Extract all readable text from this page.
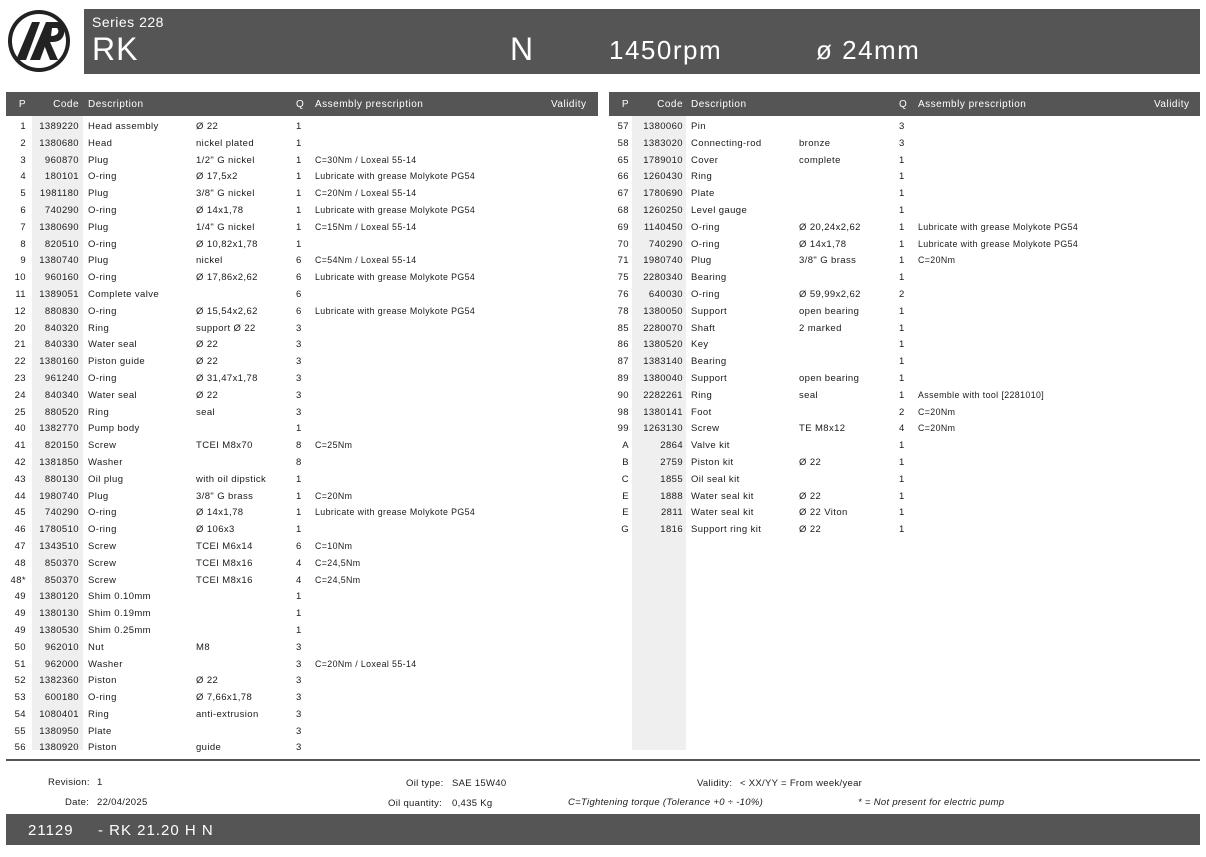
Series 228
RK	N	1450rpm	ø 24mm
P	Code Description	Q Assembly prescription	Validity
1 1389220 Head assembly	Ø 22	1
2 1380680 Head	nickel plated	1
3 960870 Plug	1/2" G nickel	1 C=30Nm / Loxeal 55-14
4 180101 O-ring	Ø 17,5x2	1 Lubricate with grease Molykote PG54
5 1981180 Plug	3/8" G nickel	1 C=20Nm / Loxeal 55-14
6 740290 O-ring	Ø 14x1,78	1 Lubricate with grease Molykote PG54
7 1380690 Plug	1/4" G nickel	1 C=15Nm / Loxeal 55-14
8 820510 O-ring	Ø 10,82x1,78	1
9 1380740 Plug	nickel	6 C=54Nm / Loxeal 55-14
10 960160 O-ring	Ø 17,86x2,62	6 Lubricate with grease Molykote PG54
11 1389051 Complete valve	6
12 880830 O-ring	Ø 15,54x2,62	6 Lubricate with grease Molykote PG54
20 840320 Ring	support Ø 22	3
21 840330 Water seal	Ø 22	3
22 1380160 Piston guide	Ø 22	3
23 961240 O-ring	Ø 31,47x1,78	3
24 840340 Water seal	Ø 22	3
25 880520 Ring	seal	3
40 1382770 Pump body	1
41 820150 Screw	TCEI M8x70	8 C=25Nm
42 1381850 Washer	8
43 880130 Oil plug	with oil dipstick	1
44 1980740 Plug	3/8" G brass	1 C=20Nm
45 740290 O-ring	Ø 14x1,78	1 Lubricate with grease Molykote PG54
46 1780510 O-ring	Ø 106x3	1
47 1343510 Screw	TCEI M6x14	6 C=10Nm
48 850370 Screw	TCEI M8x16	4 C=24,5Nm
48* 850370 Screw	TCEI M8x16	4 C=24,5Nm
49 1380120 Shim 0.10mm	1
49 1380130 Shim 0.19mm	1
49 1380530 Shim 0.25mm	1
50 962010 Nut	M8	3
51 962000 Washer	3 C=20Nm / Loxeal 55-14
52 1382360 Piston	Ø 22	3
53 600180 O-ring	Ø 7,66x1,78	3
54 1080401 Ring	anti-extrusion	3
55 1380950 Plate	3
56 1380920 Piston	guide	3
P	Code Description	Q Assembly prescription	Validity
57 1380060 Pin	3
58 1383020 Connecting-rod	bronze	3
65 1789010 Cover	complete	1
66 1260430 Ring	1
67 1780690 Plate	1
68 1260250 Level gauge	1
69 1140450 O-ring	Ø 20,24x2,62	1 Lubricate with grease Molykote PG54
70 740290 O-ring	Ø 14x1,78	1 Lubricate with grease Molykote PG54
71 1980740 Plug	3/8" G brass	1 C=20Nm
75 2280340 Bearing	1
76 640030 O-ring	Ø 59,99x2,62	2
78 1380050 Support	open bearing	1
85 2280070 Shaft	2 marked	1
86 1380520 Key	1
87 1383140 Bearing	1
89 1380040 Support	open bearing	1
90 2282261 Ring	seal	1 Assemble with tool [2281010]
98 1380141 Foot	2 C=20Nm
99 1263130 Screw	TE M8x12	4 C=20Nm
A	2864 Valve kit	1
B	2759 Piston kit	Ø 22	1
C	1855 Oil seal kit	1
E	1888 Water seal kit	Ø 22	1
E	2811 Water seal kit	Ø 22 Viton	1
G	1816 Support ring kit	Ø 22	1
Revision: 1
Date: 22/04/2025
Oil type: SAE 15W40
Oil quantity: 0,435 Kg
Validity: < XX/YY = From week/year
C=Tightening torque (Tolerance +0 ÷ -10%)	* = Not present for electric pump
21129 - RK 21.20 H N
